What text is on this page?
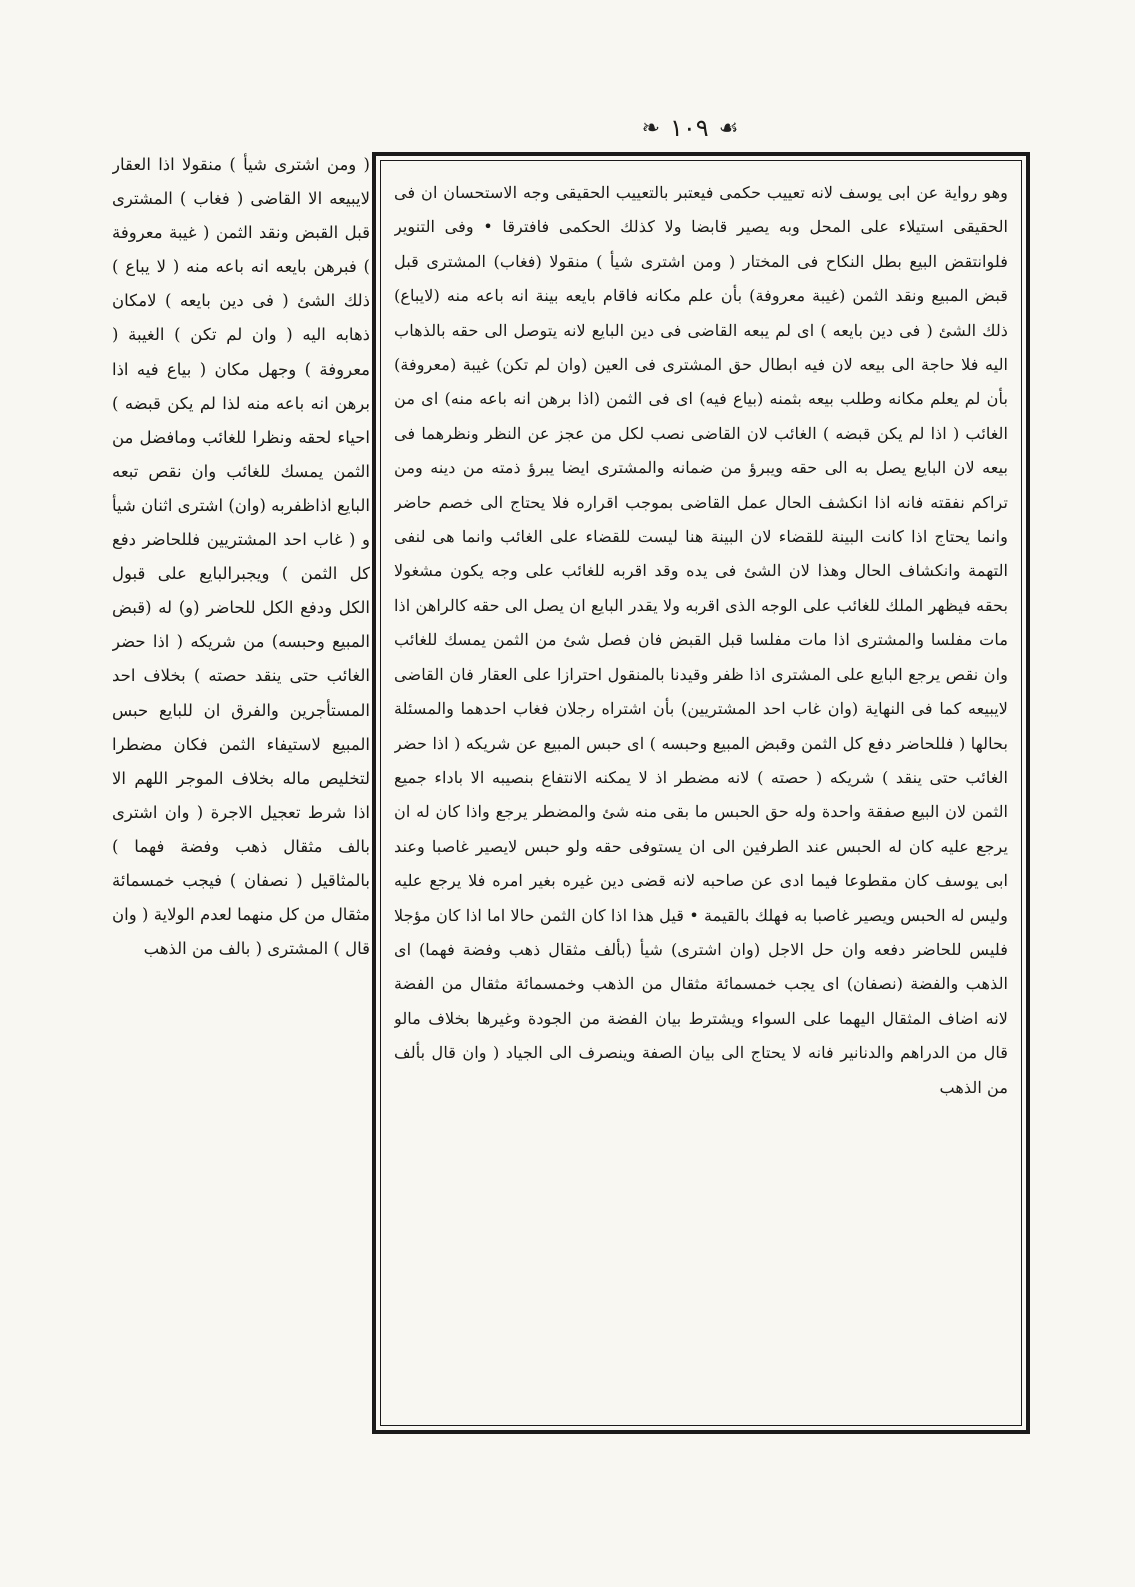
❧ ١٠٩ ☙

( ومن اشترى شيأ ) منقولا اذا العقار لايبيعه الا القاضى ( فغاب ) المشترى قبل القبض ونقد الثمن ( غيبة معروفة ) فبرهن بايعه انه باعه منه ( لا يباع ) ذلك الشئ ( فى دين بايعه ) لامكان ذهابه اليه ( وان لم تكن ) الغيبة ( معروفة ) وجهل مكان ( بياع فيه اذا برهن انه باعه منه لذا لم يكن قبضه ) احياء لحقه ونظرا للغائب ومافضل من الثمن يمسك للغائب وان نقص تبعه البايع اذاظفربه (وان) اشترى اثنان شيأ و ( غاب احد المشتريين فللحاضر دفع كل الثمن ) ويجبرالبايع على قبول الكل ودفع الكل للحاضر (و) له (قبض المبيع وحبسه) من شريكه ( اذا حضر الغائب حتى ينقد حصته ) بخلاف احد المستأجرين والفرق ان للبايع حبس المبيع لاستيفاء الثمن فكان مضطرا لتخليص ماله بخلاف الموجر اللهم الا اذا شرط تعجيل الاجرة ( وان اشترى بالف مثقال ذهب وفضة فهما ) بالمثاقيل ( نصفان ) فيجب خمسمائة مثقال من كل منهما لعدم الولاية ( وان قال ) المشترى ( بالف من الذهب

وهو رواية عن ابى يوسف لانه تعييب حكمى فيعتبر بالتعييب الحقيقى وجه الاستحسان ان فى الحقيقى استيلاء على المحل وبه يصير قابضا ولا كذلك الحكمى فافترقا • وفى التنوير فلوانتقض البيع بطل النكاح فى المختار ( ومن اشترى شيأ ) منقولا (فغاب) المشترى قبل قبض المبيع ونقد الثمن (غيبة معروفة) بأن علم مكانه فاقام بايعه بينة انه باعه منه (لايباع) ذلك الشئ ( فى دين بايعه ) اى لم يبعه القاضى فى دين البايع لانه يتوصل الى حقه بالذهاب اليه فلا حاجة الى بيعه لان فيه ابطال حق المشترى فى العين (وان لم تكن) غيبة (معروفة) بأن لم يعلم مكانه وطلب بيعه بثمنه (بياع فيه) اى فى الثمن (اذا برهن انه باعه منه) اى من الغائب ( اذا لم يكن قبضه ) الغائب لان القاضى نصب لكل من عجز عن النظر ونظرهما فى بيعه لان البايع يصل به الى حقه ويبرؤ من ضمانه والمشترى ايضا يبرؤ ذمته من دينه ومن تراكم نفقته فانه اذا انكشف الحال عمل القاضى بموجب اقراره فلا يحتاج الى خصم حاضر وانما يحتاج اذا كانت البينة للقضاء لان البينة هنا ليست للقضاء على الغائب وانما هى لنفى التهمة وانكشاف الحال وهذا لان الشئ فى يده وقد اقربه للغائب على وجه يكون مشغولا بحقه فيظهر الملك للغائب على الوجه الذى اقربه ولا يقدر البايع ان يصل الى حقه كالراهن اذا مات مفلسا والمشترى اذا مات مفلسا قبل القبض فان فصل شئ من الثمن يمسك للغائب وان نقص يرجع البايع على المشترى اذا ظفر وقيدنا بالمنقول احترازا على العقار فان القاضى لايبيعه كما فى النهاية (وان غاب احد المشتريين) بأن اشتراه رجلان فغاب احدهما والمسئلة بحالها ( فللحاضر دفع كل الثمن وقبض المبيع وحبسه ) اى حبس المبيع عن شريكه ( اذا حضر الغائب حتى ينقد ) شريكه ( حصته ) لانه مضطر اذ لا يمكنه الانتفاع بنصيبه الا باداء جميع الثمن لان البيع صفقة واحدة وله حق الحبس ما بقى منه شئ والمضطر يرجع واذا كان له ان يرجع عليه كان له الحبس عند الطرفين الى ان يستوفى حقه ولو حبس لايصير غاصبا وعند ابى يوسف كان مقطوعا فيما ادى عن صاحبه لانه قضى دين غيره بغير امره فلا يرجع عليه وليس له الحبس ويصير غاصبا به فهلك بالقيمة • قيل هذا اذا كان الثمن حالا اما اذا كان مؤجلا فليس للحاضر دفعه وان حل الاجل (وان اشترى) شيأ (بألف مثقال ذهب وفضة فهما) اى الذهب والفضة (نصفان) اى يجب خمسمائة مثقال من الذهب وخمسمائة مثقال من الفضة لانه اضاف المثقال اليهما على السواء ويشترط بيان الفضة من الجودة وغيرها بخلاف مالو قال من الدراهم والدنانير فانه لا يحتاج الى بيان الصفة وينصرف الى الجياد ( وان قال بألف من الذهب
